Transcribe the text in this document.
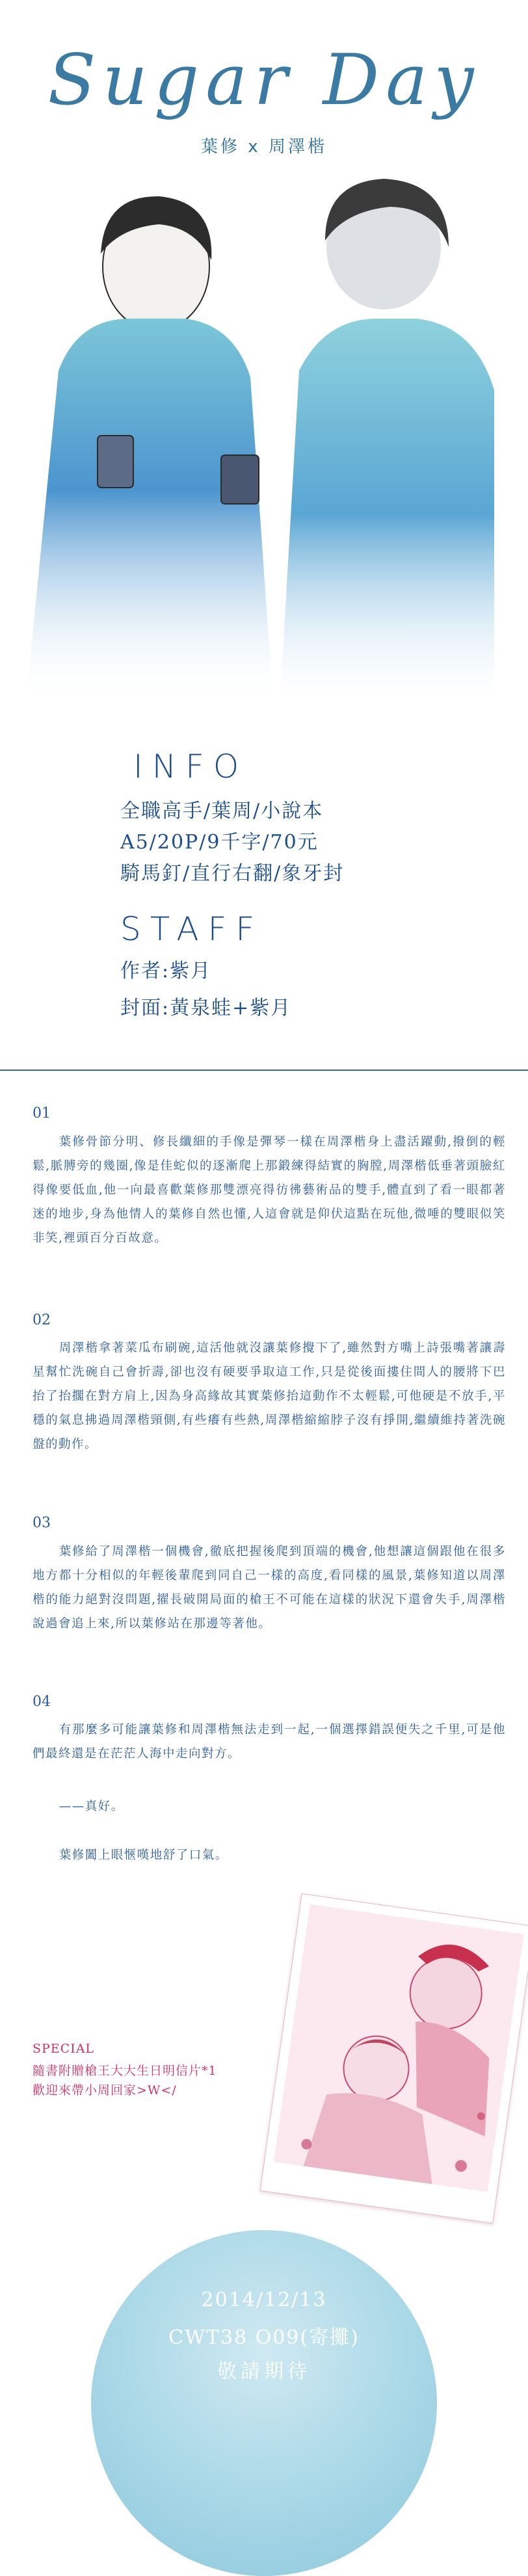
Sugar Day
葉修 x 周澤楷
INFO
全職高手/葉周/小說本
A5/20P/9千字/70元
騎馬釘/直行右翻/象牙封
STAFF
作者:紫月
封面:黃泉蛙+紫月
01
葉修骨節分明、修長纖細的手像是彈琴一樣在周澤楷身上盡活躍動,撥倒的輕鬆,脈膊旁的幾圈,像是佳蛇似的逐漸爬上那鍛練得結實的胸膛,周澤楷低垂著頭臉紅得像要低血,他一向最喜歡葉修那雙漂亮得彷彿藝術品的雙手,體直到了看一眼都著迷的地步,身為他情人的葉修自然也懂,人這會就是仰伏這點在玩他,微唾的雙眼似笑非笑,裡頭百分百故意。
02
周澤楷拿著菜瓜布刷碗,這活他就沒讓葉修攪下了,雖然對方嘴上詩張嘴著讓壽星幫忙洗碗自己會折壽,卻也沒有硬要爭取這工作,只是從後面摟住間人的腰將下巴抬了抬擱在對方肩上,因為身高緣故其實葉修抬這動作不太輕鬆,可他硬是不放手,平穩的氣息拂過周澤楷頸側,有些癢有些熱,周澤楷縮縮脖子沒有掙開,繼續維持著洗碗盤的動作。
03
葉修給了周澤楷一個機會,徹底把握後爬到頂端的機會,他想讓這個跟他在很多地方都十分相似的年輕後輩爬到同自己一樣的高度,看同樣的風景,葉修知道以周澤楷的能力絕對沒問題,擢長破開局面的槍王不可能在這樣的狀況下還會失手,周澤楷說過會追上來,所以葉修站在那邊等著他。
04
有那麼多可能讓葉修和周澤楷無法走到一起,一個選擇錯誤便失之千里,可是他們最終還是在茫茫人海中走向對方。
——真好。
葉修闔上眼愜嘆地舒了口氣。
SPECIAL
隨書附贈槍王大大生日明信片*1
歡迎來帶小周回家>W</
2014/12/13
CWT38 O09(寄攤)
敬請期待
